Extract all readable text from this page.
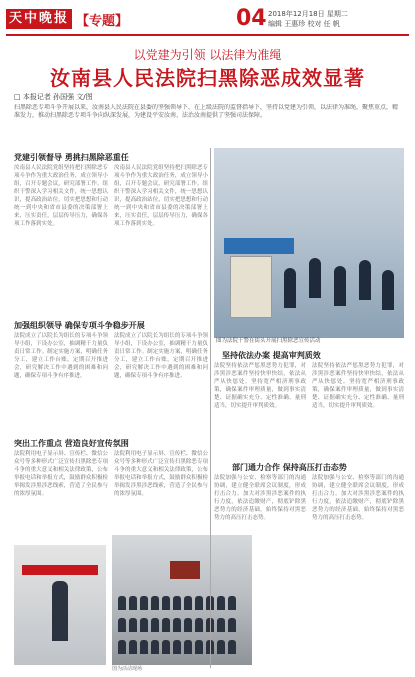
天中晚报 【专题】	04 2018年12月18日 星期二
编辑 王惠珍 校对 任 帆
以党建为引领 以法律为准绳
汝南县人民法院扫黑除恶成效显著
□ 本报记者 孙国强 文/图
扫黑除恶专项斗争开展以来，汝南县人民法院在县委的坚强领导下，在上级法院的监督指导下，坚持以党建为引领，以法律为准绳，聚焦重点，精准发力，推动扫黑除恶专项斗争向纵深发展，为建设平安汝南、法治汝南提供了坚强司法保障。
党建引领督导 勇挑扫黑除恶重任
汝南县人民法院党组坚持把扫黑除恶专项斗争作为重大政治任务，成立领导小组，召开专题会议，研究部署工作。组织干警深入学习相关文件，统一思想认识，提高政治站位，切实把思想和行动统一到中央和省市县委的决策部署上来，压实责任，层层传导压力，确保各项工作落到实处。
汝南县人民法院党组坚持把扫黑除恶专项斗争作为重大政治任务，成立领导小组，召开专题会议，研究部署工作。组织干警深入学习相关文件，统一思想认识，提高政治站位，切实把思想和行动统一到中央和省市县委的决策部署上来，压实责任，层层传导压力，确保各项工作落到实处。
加强组织领导 确保专项斗争稳步开展
法院成立了以院长为组长的专项斗争领导小组，下设办公室，抽调精干力量负责日常工作。制定实施方案，明确任务分工，建立工作台账，定期召开推进会，研究解决工作中遇到的困难和问题，确保专项斗争有序推进。
法院成立了以院长为组长的专项斗争领导小组，下设办公室，抽调精干力量负责日常工作。制定实施方案，明确任务分工，建立工作台账，定期召开推进会，研究解决工作中遇到的困难和问题，确保专项斗争有序推进。
突出工作重点 营造良好宣传氛围
法院利用电子显示屏、宣传栏、微信公众号等多种形式广泛宣传扫黑除恶专项斗争的重大意义和相关法律政策，公布举报电话和举报方式，鼓励群众积极检举揭发涉黑涉恶线索，营造了全民参与的浓厚氛围。
法院利用电子显示屏、宣传栏、微信公众号等多种形式广泛宣传扫黑除恶专项斗争的重大意义和相关法律政策，公布举报电话和举报方式，鼓励群众积极检举揭发涉黑涉恶线索，营造了全民参与的浓厚氛围。
图为法院干警在街头开展扫黑除恶宣传活动
坚持依法办案 提高审判质效
法院坚持依法严惩黑恶势力犯罪，对涉黑涉恶案件坚持快审快结，依法从严从快惩处。坚持宽严相济刑事政策，确保案件审理质量，做到事实清楚、证据确实充分、定性准确、量刑适当，切实提升审判质效。
法院坚持依法严惩黑恶势力犯罪，对涉黑涉恶案件坚持快审快结，依法从严从快惩处。坚持宽严相济刑事政策，确保案件审理质量，做到事实清楚、证据确实充分、定性准确、量刑适当，切实提升审判质效。
部门通力合作 保持高压打击态势
法院加强与公安、检察等部门的沟通协调，建立健全联席会议制度，形成打击合力。加大对涉黑涉恶案件的执行力度，依法追缴财产，彻底铲除黑恶势力的经济基础，始终保持对黑恶势力的高压打击态势。
法院加强与公安、检察等部门的沟通协调，建立健全联席会议制度，形成打击合力。加大对涉黑涉恶案件的执行力度，依法追缴财产，彻底铲除黑恶势力的经济基础，始终保持对黑恶势力的高压打击态势。
图为活动现场
